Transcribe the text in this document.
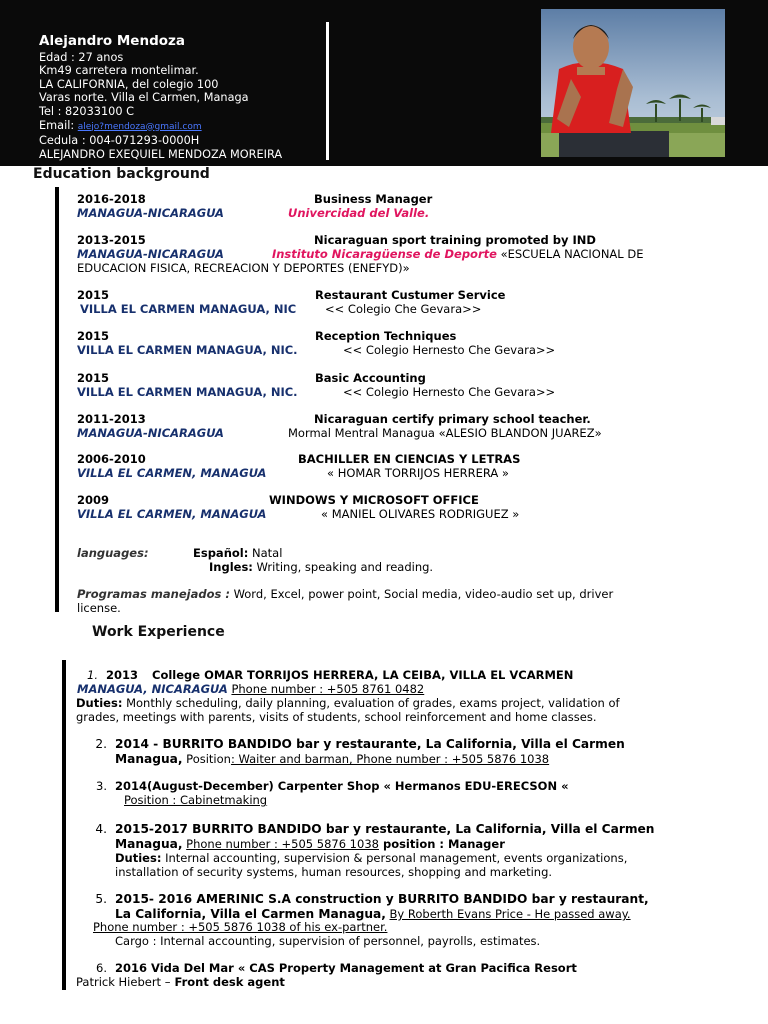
Alejandro Mendoza
Edad : 27 anos
Km49 carretera montelimar.
LA CALIFORNIA, del colegio 100
Varas norte. Villa el Carmen, Managa
Tel : 82033100 C
Email: alejo?mendoza@gmail.com
Cedula : 004-071293-0000H
ALEJANDRO EXEQUIEL MENDOZA MOREIRA
Education background
2016-2018	Business Manager
MANAGUA-NICARAGUA	Univercidad del Valle.
2013-2015	Nicaraguan sport training promoted by IND
MANAGUA-NICARAGUA	Instituto Nicaragüense de Deporte «ESCUELA NACIONAL DE
EDUCACION FISICA, RECREACION Y DEPORTES (ENEFYD)»
2015	Restaurant Custumer Service
VILLA EL CARMEN MANAGUA, NIC	<< Colegio Che Gevara>>
2015	Reception Techniques
VILLA EL CARMEN MANAGUA, NIC.	<< Colegio Hernesto Che Gevara>>
2015	Basic Accounting
VILLA EL CARMEN MANAGUA, NIC.	<< Colegio Hernesto Che Gevara>>
2011-2013	Nicaraguan certify primary school teacher.
MANAGUA-NICARAGUA	Mormal Mentral Managua «ALESIO BLANDON JUAREZ»
2006-2010	BACHILLER EN CIENCIAS Y LETRAS
VILLA EL CARMEN, MANAGUA	« HOMAR TORRIJOS HERRERA »
2009	WINDOWS Y MICROSOFT OFFICE
VILLA EL CARMEN, MANAGUA	« MANIEL OLIVARES RODRIGUEZ »
languages:	Español: Natal
Ingles: Writing, speaking and reading.
Programas manejados : Word, Excel, power point, Social media, video-audio set up, driver
license.
Work Experience
1. 2013 College OMAR TORRIJOS HERRERA, LA CEIBA, VILLA EL VCARMEN
MANAGUA, NICARAGUA Phone number : +505 8761 0482
Duties: Monthly scheduling, daily planning, evaluation of grades, exams project, validation of
grades, meetings with parents, visits of students, school reinforcement and home classes.
2. 2014 - BURRITO BANDIDO bar y restaurante, La California, Villa el Carmen
Managua, Position: Waiter and barman, Phone number : +505 5876 1038
3. 2014(August-December) Carpenter Shop « Hermanos EDU-ERECSON «
Position : Cabinetmaking
4. 2015-2017 BURRITO BANDIDO bar y restaurante, La California, Villa el Carmen
Managua, Phone number : +505 5876 1038 position : Manager
Duties: Internal accounting, supervision & personal management, events organizations,
installation of security systems, human resources, shopping and marketing.
5. 2015- 2016 AMERINIC S.A construction y BURRITO BANDIDO bar y restaurant,
La California, Villa el Carmen Managua, By Roberth Evans Price - He passed away.
Phone number : +505 5876 1038 of his ex-partner.
Cargo : Internal accounting, supervision of personnel, payrolls, estimates.
6. 2016 Vida Del Mar « CAS Property Management at Gran Pacifica Resort
Patrick Hiebert – Front desk agent
